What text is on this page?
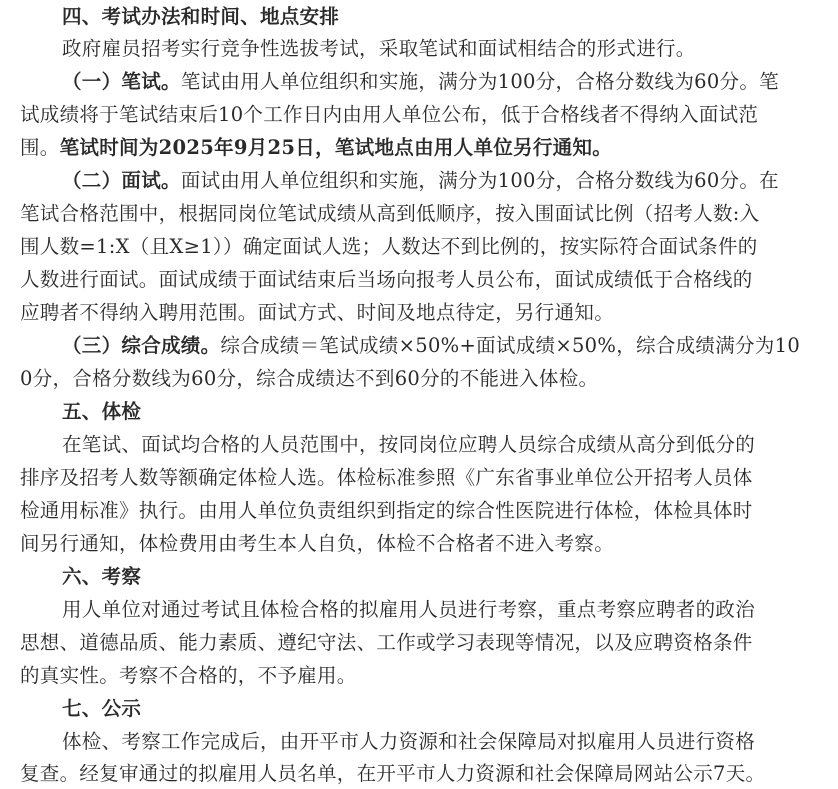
四、考试办法和时间、地点安排
政府雇员招考实行竞争性选拔考试，采取笔试和面试相结合的形式进行。
（一）笔试。笔试由用人单位组织和实施，满分为100分，合格分数线为60分。笔
试成绩将于笔试结束后10个工作日内由用人单位公布，低于合格线者不得纳入面试范
围。笔试时间为2025年9月25日，笔试地点由用人单位另行通知。
（二）面试。面试由用人单位组织和实施，满分为100分，合格分数线为60分。在
笔试合格范围中，根据同岗位笔试成绩从高到低顺序，按入围面试比例（招考人数:入
围人数=1:X（且X≥1））确定面试人选；人数达不到比例的，按实际符合面试条件的
人数进行面试。面试成绩于面试结束后当场向报考人员公布，面试成绩低于合格线的
应聘者不得纳入聘用范围。面试方式、时间及地点待定，另行通知。
（三）综合成绩。综合成绩＝笔试成绩×50%+面试成绩×50%，综合成绩满分为10
0分，合格分数线为60分，综合成绩达不到60分的不能进入体检。
五、体检
在笔试、面试均合格的人员范围中，按同岗位应聘人员综合成绩从高分到低分的
排序及招考人数等额确定体检人选。体检标准参照《广东省事业单位公开招考人员体
检通用标准》执行。由用人单位负责组织到指定的综合性医院进行体检，体检具体时
间另行通知，体检费用由考生本人自负，体检不合格者不进入考察。
六、考察
用人单位对通过考试且体检合格的拟雇用人员进行考察，重点考察应聘者的政治
思想、道德品质、能力素质、遵纪守法、工作或学习表现等情况，以及应聘资格条件
的真实性。考察不合格的，不予雇用。
七、公示
体检、考察工作完成后，由开平市人力资源和社会保障局对拟雇用人员进行资格
复查。经复审通过的拟雇用人员名单，在开平市人力资源和社会保障局网站公示7天。
